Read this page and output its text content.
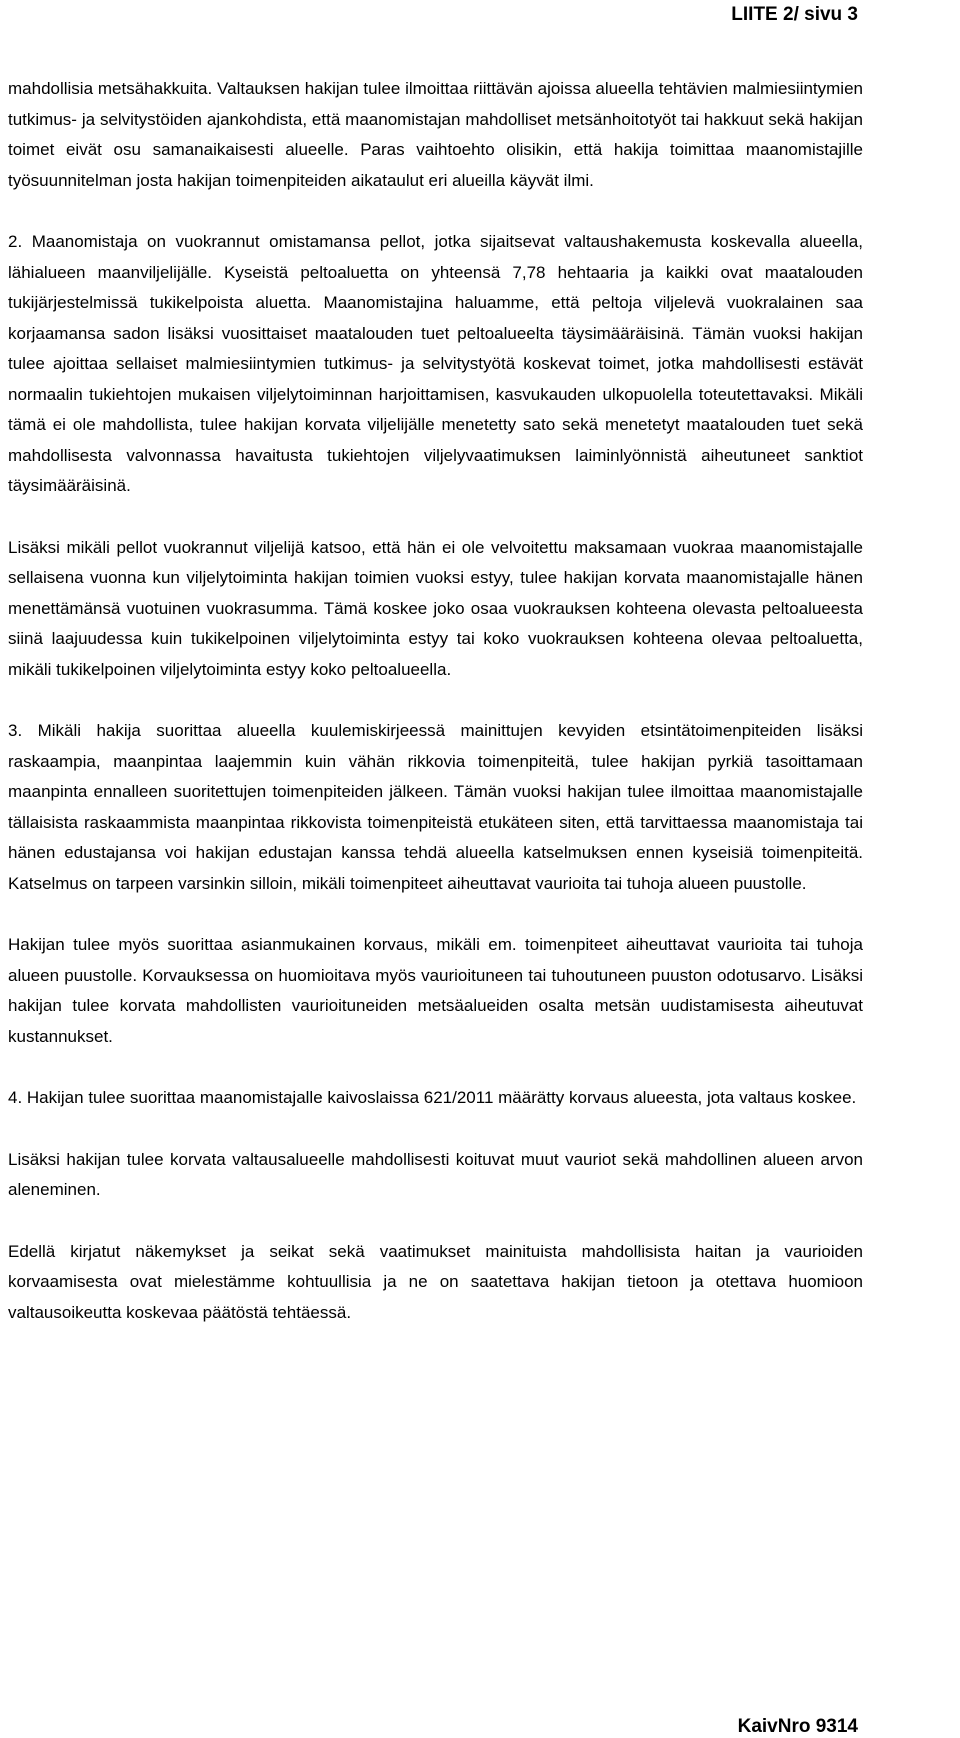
LIITE 2/ sivu 3

mahdollisia metsähakkuita. Valtauksen hakijan tulee ilmoittaa riittävän ajoissa alueella tehtävien malmiesiintymien tutkimus- ja selvitystöiden ajankohdista, että maanomistajan mahdolliset metsänhoitotyöt tai hakkuut sekä hakijan toimet eivät osu samanaikaisesti alueelle. Paras vaihtoehto olisikin, että hakija toimittaa maanomistajille työsuunnitelman josta hakijan toimenpiteiden aikataulut eri alueilla käyvät ilmi.

2. Maanomistaja on vuokrannut omistamansa pellot, jotka sijaitsevat valtaushakemusta koskevalla alueella, lähialueen maanviljelijälle. Kyseistä peltoaluetta on yhteensä 7,78 hehtaaria ja kaikki ovat maatalouden tukijärjestelmissä tukikelpoista aluetta. Maanomistajina haluamme, että peltoja viljelevä vuokralainen saa korjaamansa sadon lisäksi vuosittaiset maatalouden tuet peltoalueelta täysimääräisinä. Tämän vuoksi hakijan tulee ajoittaa sellaiset malmiesiintymien tutkimus- ja selvitystyötä koskevat toimet, jotka mahdollisesti estävät normaalin tukiehtojen mukaisen viljelytoiminnan harjoittamisen, kasvukauden ulkopuolella toteutettavaksi. Mikäli tämä ei ole mahdollista, tulee hakijan korvata viljelijälle menetetty sato sekä menetetyt maatalouden tuet sekä mahdollisesta valvonnassa havaitusta tukiehtojen viljelyvaatimuksen laiminlyönnistä aiheutuneet sanktiot täysimääräisinä.

Lisäksi mikäli pellot vuokrannut viljelijä katsoo, että hän ei ole velvoitettu maksamaan vuokraa maanomistajalle sellaisena vuonna kun viljelytoiminta hakijan toimien vuoksi estyy, tulee hakijan korvata maanomistajalle hänen menettämänsä vuotuinen vuokrasumma. Tämä koskee joko osaa vuokrauksen kohteena olevasta peltoalueesta siinä laajuudessa kuin tukikelpoinen viljelytoiminta estyy tai koko vuokrauksen kohteena olevaa peltoaluetta, mikäli tukikelpoinen viljelytoiminta estyy koko peltoalueella.

3. Mikäli hakija suorittaa alueella kuulemiskirjeessä mainittujen kevyiden etsintätoimenpiteiden lisäksi raskaampia, maanpintaa laajemmin kuin vähän rikkovia toimenpiteitä, tulee hakijan pyrkiä tasoittamaan maanpinta ennalleen suoritettujen toimenpiteiden jälkeen. Tämän vuoksi hakijan tulee ilmoittaa maanomistajalle tällaisista raskaammista maanpintaa rikkovista toimenpiteistä etukäteen siten, että tarvittaessa maanomistaja tai hänen edustajansa voi hakijan edustajan kanssa tehdä alueella katselmuksen ennen kyseisiä toimenpiteitä. Katselmus on tarpeen varsinkin silloin, mikäli toimenpiteet aiheuttavat vaurioita tai tuhoja alueen puustolle.

Hakijan tulee myös suorittaa asianmukainen korvaus, mikäli em. toimenpiteet aiheuttavat vaurioita tai tuhoja alueen puustolle. Korvauksessa on huomioitava myös vaurioituneen tai tuhoutuneen puuston odotusarvo. Lisäksi hakijan tulee korvata mahdollisten vaurioituneiden metsäalueiden osalta metsän uudistamisesta aiheutuvat kustannukset.

4. Hakijan tulee suorittaa maanomistajalle kaivoslaissa 621/2011 määrätty korvaus alueesta, jota valtaus koskee.

Lisäksi hakijan tulee korvata valtausalueelle mahdollisesti koituvat muut vauriot sekä mahdollinen alueen arvon aleneminen.

Edellä kirjatut näkemykset ja seikat sekä vaatimukset mainituista mahdollisista haitan ja vaurioiden korvaamisesta ovat mielestämme kohtuullisia ja ne on saatettava hakijan tietoon ja otettava huomioon valtausoikeutta koskevaa päätöstä tehtäessä.

KaivNro 9314
